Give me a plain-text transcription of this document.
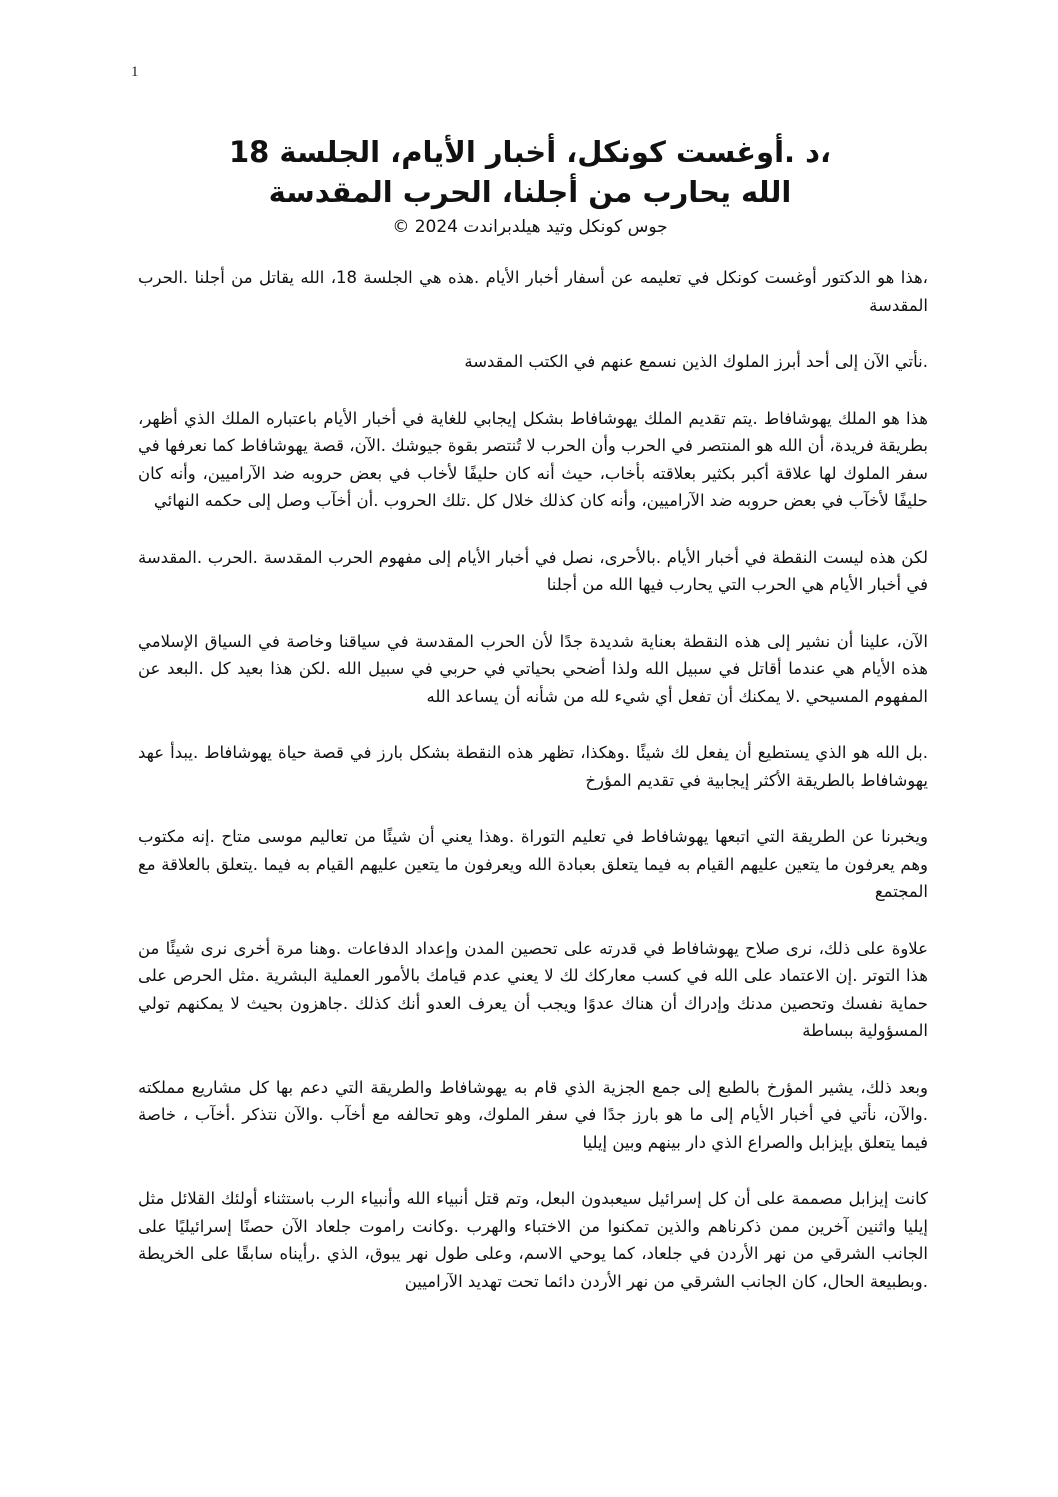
1
،د .أوغست كونكل، أخبار الأيام، الجلسة 18
الله يحارب من أجلنا، الحرب المقدسة
جوس كونكل وتيد هيلدبراندت 2024 ©

،هذا هو الدكتور أوغست كونكل في تعليمه عن أسفار أخبار الأيام .هذه هي الجلسة 18، الله يقاتل من أجلنا .الحرب المقدسة

.نأتي الآن إلى أحد أبرز الملوك الذين نسمع عنهم في الكتب المقدسة

هذا هو الملك يهوشافاط .يتم تقديم الملك يهوشافاط بشكل إيجابي للغاية في أخبار الأيام باعتباره الملك الذي أظهر، بطريقة فريدة، أن الله هو المنتصر في الحرب وأن الحرب لا تُنتصر بقوة جيوشك .الآن، قصة يهوشافاط كما نعرفها في سفر الملوك لها علاقة أكبر بكثير بعلاقته بأخاب، حيث أنه كان حليفًا لأخاب في بعض حروبه ضد الآراميين، وأنه كان حليفًا لأخآب في بعض حروبه ضد الآراميين، وأنه كان كذلك خلال كل .تلك الحروب .أن أخآب وصل إلى حكمه النهائي

لكن هذه ليست النقطة في أخبار الأيام .بالأحرى، نصل في أخبار الأيام إلى مفهوم الحرب المقدسة .الحرب .المقدسة في أخبار الأيام هي الحرب التي يحارب فيها الله من أجلنا

الآن، علينا أن نشير إلى هذه النقطة بعناية شديدة جدًا لأن الحرب المقدسة في سياقنا وخاصة في السياق الإسلامي هذه الأيام هي عندما أقاتل في سبيل الله ولذا أضحي بحياتي في حربي في سبيل الله .لكن هذا بعيد كل .البعد عن المفهوم المسيحي .لا يمكنك أن تفعل أي شيء لله من شأنه أن يساعد الله

.بل الله هو الذي يستطيع أن يفعل لك شيئًا .وهكذا، تظهر هذه النقطة بشكل بارز في قصة حياة يهوشافاط .يبدأ عهد يهوشافاط بالطريقة الأكثر إيجابية في تقديم المؤرخ

ويخبرنا عن الطريقة التي اتبعها يهوشافاط في تعليم التوراة .وهذا يعني أن شيئًا من تعاليم موسى متاح .إنه مكتوب وهم يعرفون ما يتعين عليهم القيام به فيما يتعلق بعبادة الله ويعرفون ما يتعين عليهم القيام به فيما .يتعلق بالعلاقة مع المجتمع

علاوة على ذلك، نرى صلاح يهوشافاط في قدرته على تحصين المدن وإعداد الدفاعات .وهنا مرة أخرى نرى شيئًا من هذا التوتر .إن الاعتماد على الله في كسب معاركك لك لا يعني عدم قيامك بالأمور العملية البشرية .مثل الحرص على حماية نفسك وتحصين مدنك وإدراك أن هناك عدوًا ويجب أن يعرف العدو أنك كذلك .جاهزون بحيث لا يمكنهم تولي المسؤولية ببساطة

وبعد ذلك، يشير المؤرخ بالطبع إلى جمع الجزية الذي قام به يهوشافاط والطريقة التي دعم بها كل مشاريع مملكته .والآن، نأتي في أخبار الأيام إلى ما هو بارز جدًا في سفر الملوك، وهو تحالفه مع أخآب .والآن نتذكر .أخآب ، خاصة فيما يتعلق بإيزابل والصراع الذي دار بينهم وبين إيليا

كانت إيزابل مصممة على أن كل إسرائيل سيعبدون البعل، وتم قتل أنبياء الله وأنبياء الرب باستثناء أولئك القلائل مثل إيليا واثنين آخرين ممن ذكرناهم والذين تمكنوا من الاختباء والهرب .وكانت راموت جلعاد الآن حصنًا إسرائيليًا على الجانب الشرقي من نهر الأردن في جلعاد، كما يوحي الاسم، وعلى طول نهر يبوق، الذي .رأيناه سابقًا على الخريطة .وبطبيعة الحال، كان الجانب الشرقي من نهر الأردن دائما تحت تهديد الآراميين
